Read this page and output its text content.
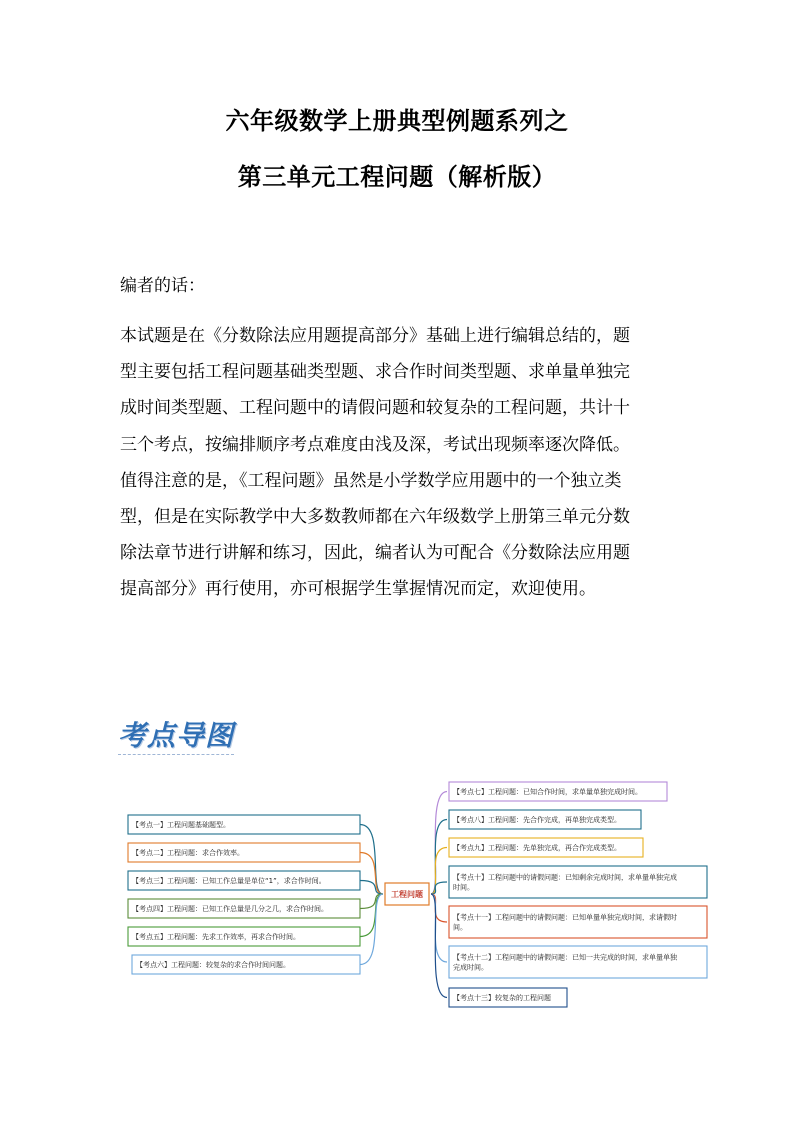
六年级数学上册典型例题系列之
第三单元工程问题（解析版）
编者的话：

本试题是在《分数除法应用题提高部分》基础上进行编辑总结的，题

型主要包括工程问题基础类型题、求合作时间类型题、求单量单独完

成时间类型题、工程问题中的请假问题和较复杂的工程问题，共计十

三个考点，按编排顺序考点难度由浅及深，考试出现频率逐次降低。

值得注意的是，《工程问题》虽然是小学数学应用题中的一个独立类

型，但是在实际教学中大多数教师都在六年级数学上册第三单元分数

除法章节进行讲解和练习，因此，编者认为可配合《分数除法应用题

提高部分》再行使用，亦可根据学生掌握情况而定，欢迎使用。

考点导图
工程问题
【考点一】工程问题基础题型。
【考点二】工程问题：求合作效率。
【考点三】工程问题：已知工作总量是单位“1”，求合作时间。
【考点四】工程问题：已知工作总量是几分之几，求合作时间。
【考点五】工程问题：先求工作效率，再求合作时间。
【考点六】工程问题：较复杂的求合作时间问题。
【考点七】工程问题：已知合作时间，求单量单独完成时间。
【考点八】工程问题：先合作完成，再单独完成类型。
【考点九】工程问题：先单独完成，再合作完成类型。
【考点十】工程问题中的请假问题：已知剩余完成时间，求单量单独完成
时间。
【考点十一】工程问题中的请假问题：已知单量单独完成时间，求请假时
间。
【考点十二】工程问题中的请假问题：已知一共完成的时间，求单量单独
完成时间。
【考点十三】较复杂的工程问题
